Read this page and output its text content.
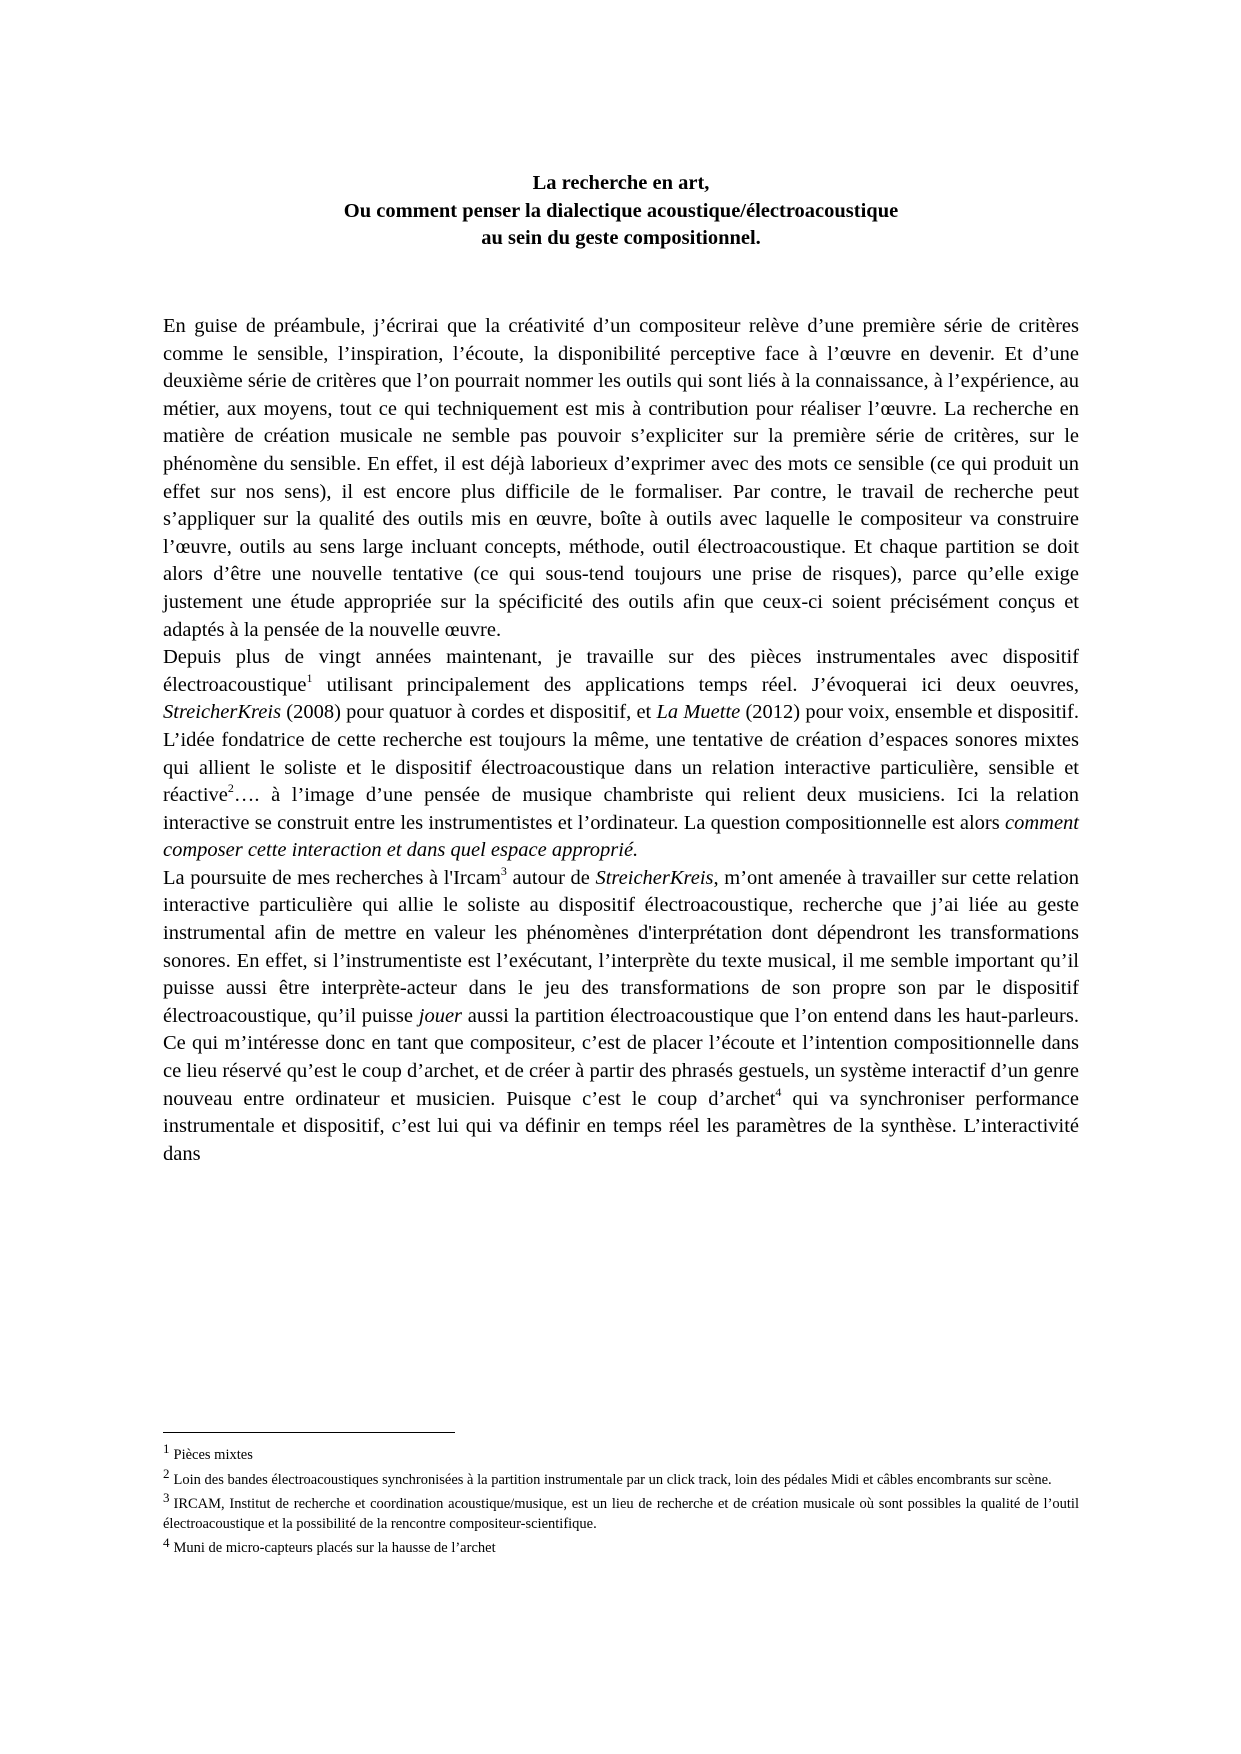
La recherche en art,
Ou comment penser la dialectique acoustique/électroacoustique
au sein du geste compositionnel.

En guise de préambule, j’écrirai que la créativité d’un compositeur relève d’une première série de critères comme le sensible, l’inspiration, l’écoute, la disponibilité perceptive face à l’œuvre en devenir. Et d’une deuxième série de critères que l’on pourrait nommer les outils qui sont liés à la connaissance, à l’expérience, au métier, aux moyens, tout ce qui techniquement est mis à contribution pour réaliser l’œuvre. La recherche en matière de création musicale ne semble pas pouvoir s’expliciter sur la première série de critères, sur le phénomène du sensible. En effet, il est déjà laborieux d’exprimer avec des mots ce sensible (ce qui produit un effet sur nos sens), il est encore plus difficile de le formaliser. Par contre, le travail de recherche peut s’appliquer sur la qualité des outils mis en œuvre, boîte à outils avec laquelle le compositeur va construire l’œuvre, outils au sens large incluant concepts, méthode, outil électroacoustique. Et chaque partition se doit alors d’être une nouvelle tentative (ce qui sous-tend toujours une prise de risques), parce qu’elle exige justement une étude appropriée sur la spécificité des outils afin que ceux-ci soient précisément conçus et adaptés à la pensée de la nouvelle œuvre.

Depuis plus de vingt années maintenant, je travaille sur des pièces instrumentales avec dispositif électroacoustique$^1$ utilisant principalement des applications temps réel. J’évoquerai ici deux oeuvres, StreicherKreis (2008) pour quatuor à cordes et dispositif, et La Muette (2012) pour voix, ensemble et dispositif. L’idée fondatrice de cette recherche est toujours la même, une tentative de création d’espaces sonores mixtes qui allient le soliste et le dispositif électroacoustique dans un relation interactive particulière, sensible et réactive$^2$…. à l’image d’une pensée de musique chambriste qui relient deux musiciens. Ici la relation interactive se construit entre les instrumentistes et l’ordinateur. La question compositionnelle est alors comment composer cette interaction et dans quel espace approprié.

La poursuite de mes recherches à l'Ircam$^3$ autour de StreicherKreis, m’ont amenée à travailler sur cette relation interactive particulière qui allie le soliste au dispositif électroacoustique, recherche que j’ai liée au geste instrumental afin de mettre en valeur les phénomènes d'interprétation dont dépendront les transformations sonores. En effet, si l’instrumentiste est l’exécutant, l’interprète du texte musical, il me semble important qu’il puisse aussi être interprète-acteur dans le jeu des transformations de son propre son par le dispositif électroacoustique, qu’il puisse jouer aussi la partition électroacoustique que l’on entend dans les haut-parleurs. Ce qui m’intéresse donc en tant que compositeur, c’est de placer l’écoute et l’intention compositionnelle dans ce lieu réservé qu’est le coup d’archet, et de créer à partir des phrasés gestuels, un système interactif d’un genre nouveau entre ordinateur et musicien. Puisque c’est le coup d’archet$^4$ qui va synchroniser performance instrumentale et dispositif, c’est lui qui va définir en temps réel les paramètres de la synthèse. L’interactivité dans

1 Pièces mixtes

2 Loin des bandes électroacoustiques synchronisées à la partition instrumentale par un click track, loin des pédales Midi et câbles encombrants sur scène.

3 IRCAM, Institut de recherche et coordination acoustique/musique, est un lieu de recherche et de création musicale où sont possibles la qualité de l’outil électroacoustique et la possibilité de la rencontre compositeur-scientifique.

4 Muni de micro-capteurs placés sur la hausse de l’archet
